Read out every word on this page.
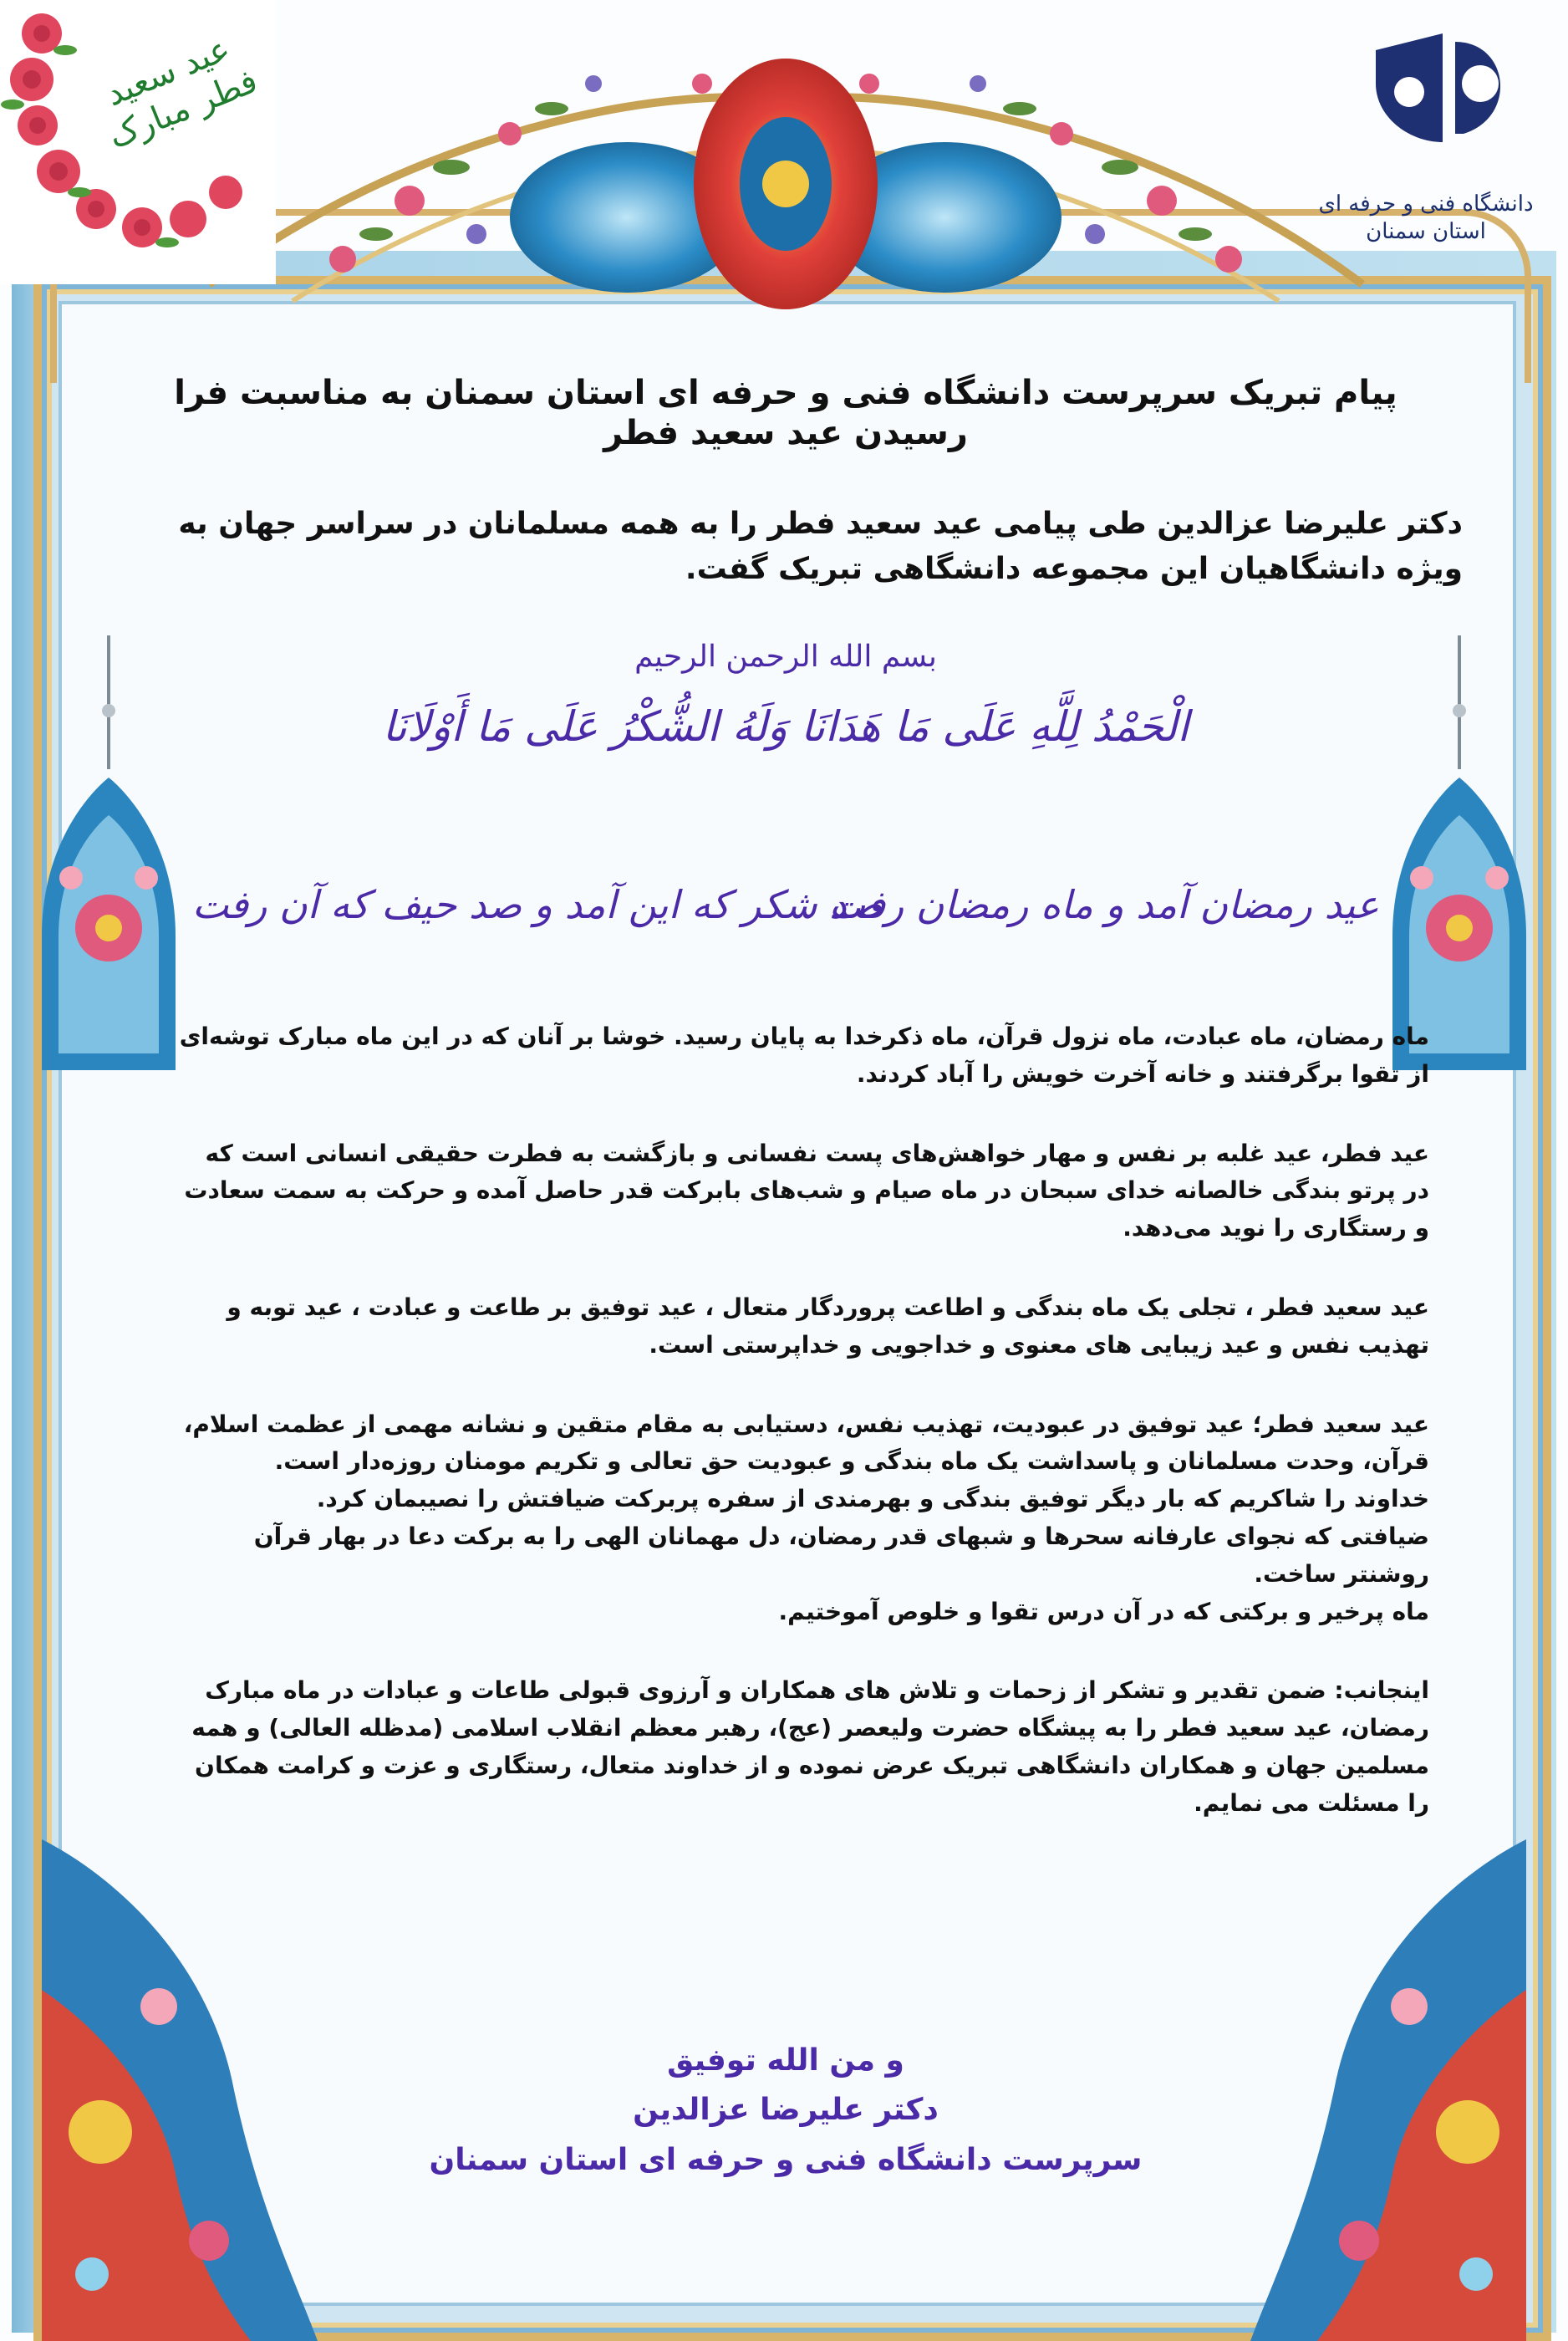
عید سعید فطر مبارک
دانشگاه فنی و حرفه ای
استان سمنان
پیام تبریک سرپرست دانشگاه فنی و حرفه ای استان سمنان به مناسبت فرا رسیدن عید سعید فطر
دکتر علیرضا عزالدین طی پیامی عید سعید فطر را به همه مسلمانان در سراسر جهان به ویژه دانشگاهیان این مجموعه دانشگاهی تبریک گفت.
بسم الله الرحمن الرحیم
الْحَمْدُ لِلَّهِ عَلَی مَا هَدَانَا وَلَهُ الشُّكْرُ عَلَی مَا أَوْلَانَا
عید رمضان آمد و ماه رمضان رفت
صد شکر که این آمد و صد حیف که آن رفت

ماه رمضان، ماه عبادت، ماه نزول قرآن، ماه ذکرخدا به پایان رسید. خوشا بر آنان که در این ماه مبارک توشه‌ای از تقوا برگرفتند و خانه آخرت خویش را آباد کردند.

عید فطر، عید غلبه بر نفس و مهار خواهش‌های پست نفسانی و بازگشت به فطرت حقیقی انسانی است که در پرتو بندگی خالصانه خدای سبحان در ماه صیام و شب‌های بابرکت قدر حاصل آمده و حرکت به سمت سعادت و رستگاری را نوید می‌دهد.

عید سعید فطر ، تجلی یک ماه بندگی و اطاعت پروردگار متعال ، عید توفیق بر طاعت و عبادت ، عید توبه و تهذیب نفس و عید زیبایی های معنوی و خداجویی و خداپرستی است.

عید سعید فطر؛ عید توفیق در عبودیت، تهذیب نفس، دستیابی به مقام متقین و نشانه مهمی از عظمت اسلام، قرآن، وحدت مسلمانان و پاسداشت یک ماه بندگی و عبودیت حق تعالی و تکریم مومنان روزه‌دار است.

خداوند را شاکریم که بار دیگر توفیق بندگی و بهرمندی از سفره پربرکت ضیافتش را نصیبمان کرد.

ضیافتی که نجوای عارفانه سحرها و شبهای قدر رمضان، دل مهمانان الهی را به برکت دعا در بهار قرآن روشنتر ساخت.

ماه پرخیر و برکتی که در آن درس تقوا و خلوص آموختیم.

اینجانب: ضمن تقدیر و تشکر از زحمات و تلاش های همکاران و آرزوی قبولی طاعات و عبادات در ماه مبارک رمضان، عید سعید فطر را به پیشگاه حضرت ولیعصر (عج)، رهبر معظم انقلاب اسلامی (مدظله العالی) و همه مسلمین جهان و همکاران دانشگاهی تبریک عرض نموده و از خداوند متعال، رستگاری و عزت و کرامت همکان را مسئلت می نمایم.

و من الله توفیق
دکتر علیرضا عزالدین
سرپرست دانشگاه فنی و حرفه ای استان سمنان
